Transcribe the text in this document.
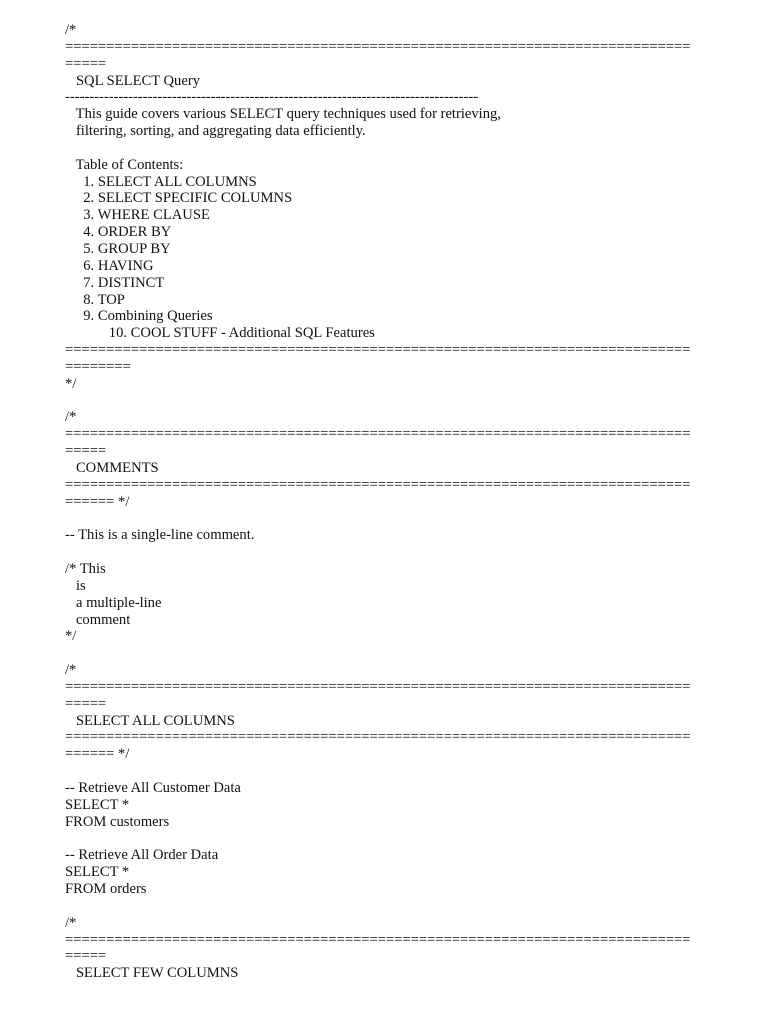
/*
============================================================================
=====
SQL SELECT Query
-------------------------------------------------------------------------------------
This guide covers various SELECT query techniques used for retrieving,
filtering, sorting, and aggregating data efficiently.

Table of Contents:
1. SELECT ALL COLUMNS
2. SELECT SPECIFIC COLUMNS
3. WHERE CLAUSE
4. ORDER BY
5. GROUP BY
6. HAVING
7. DISTINCT
8. TOP
9. Combining Queries
10. COOL STUFF - Additional SQL Features
============================================================================
========
*/

/*
============================================================================
=====
COMMENTS
============================================================================
====== */

-- This is a single-line comment.

/* This
is
a multiple-line
comment
*/

/*
============================================================================
=====
SELECT ALL COLUMNS
============================================================================
====== */

-- Retrieve All Customer Data
SELECT *
FROM customers

-- Retrieve All Order Data
SELECT *
FROM orders

/*
============================================================================
=====
SELECT FEW COLUMNS
